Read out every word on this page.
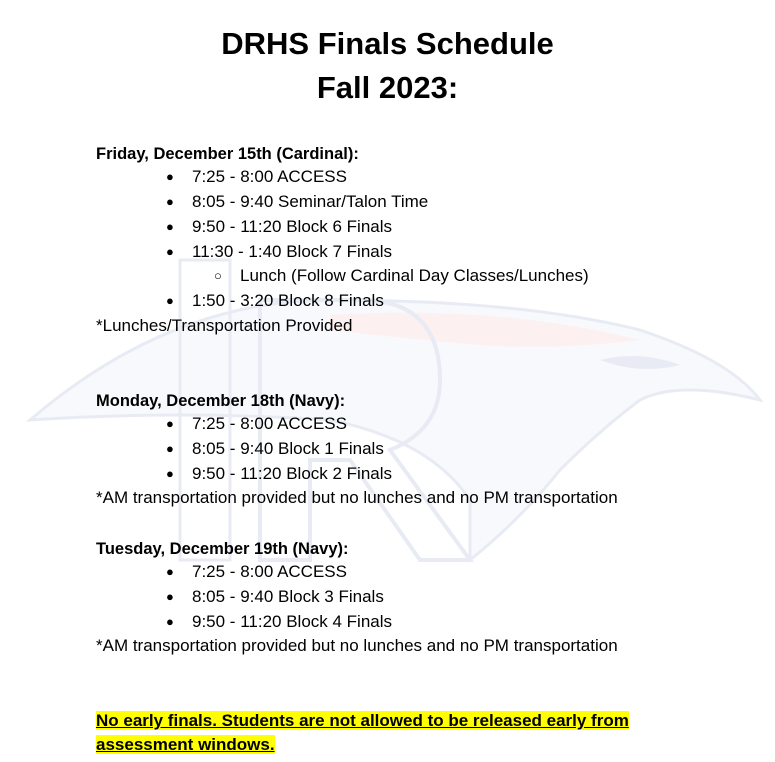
DRHS Finals Schedule
Fall 2023:
Friday, December 15th (Cardinal):
● 7:25 - 8:00 ACCESS
● 8:05 - 9:40 Seminar/Talon Time
● 9:50 - 11:20 Block 6 Finals
● 11:30 - 1:40 Block 7 Finals
○ Lunch (Follow Cardinal Day Classes/Lunches)
● 1:50 - 3:20 Block 8 Finals
*Lunches/Transportation Provided
Monday, December 18th (Navy):
● 7:25 - 8:00 ACCESS
● 8:05 - 9:40 Block 1 Finals
● 9:50 - 11:20 Block 2 Finals
*AM transportation provided but no lunches and no PM transportation
Tuesday, December 19th (Navy):
● 7:25 - 8:00 ACCESS
● 8:05 - 9:40 Block 3 Finals
● 9:50 - 11:20 Block 4 Finals
*AM transportation provided but no lunches and no PM transportation
No early finals. Students are not allowed to be released early from
assessment windows.
